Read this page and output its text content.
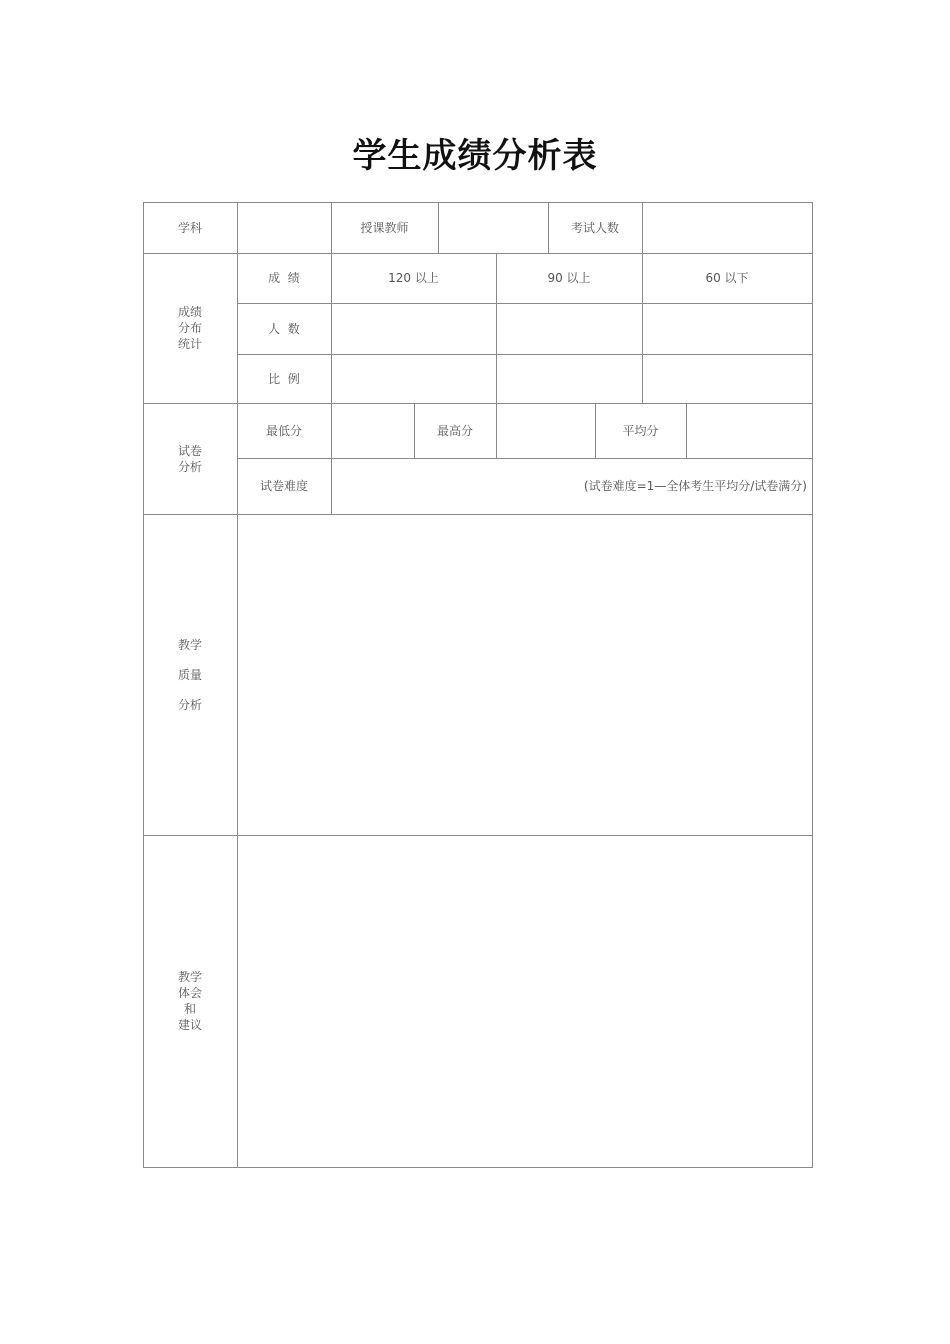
学生成绩分析表
学科	授课教师	考试人数
成绩
分布
统计
成  绩	120 以上	90 以上	60 以下
人  数
比  例
试卷
分析
最低分	最高分	平均分
试卷难度	(试卷难度=1—全体考生平均分/试卷满分)
教学
质量
分析
教学
体会
和
建议
